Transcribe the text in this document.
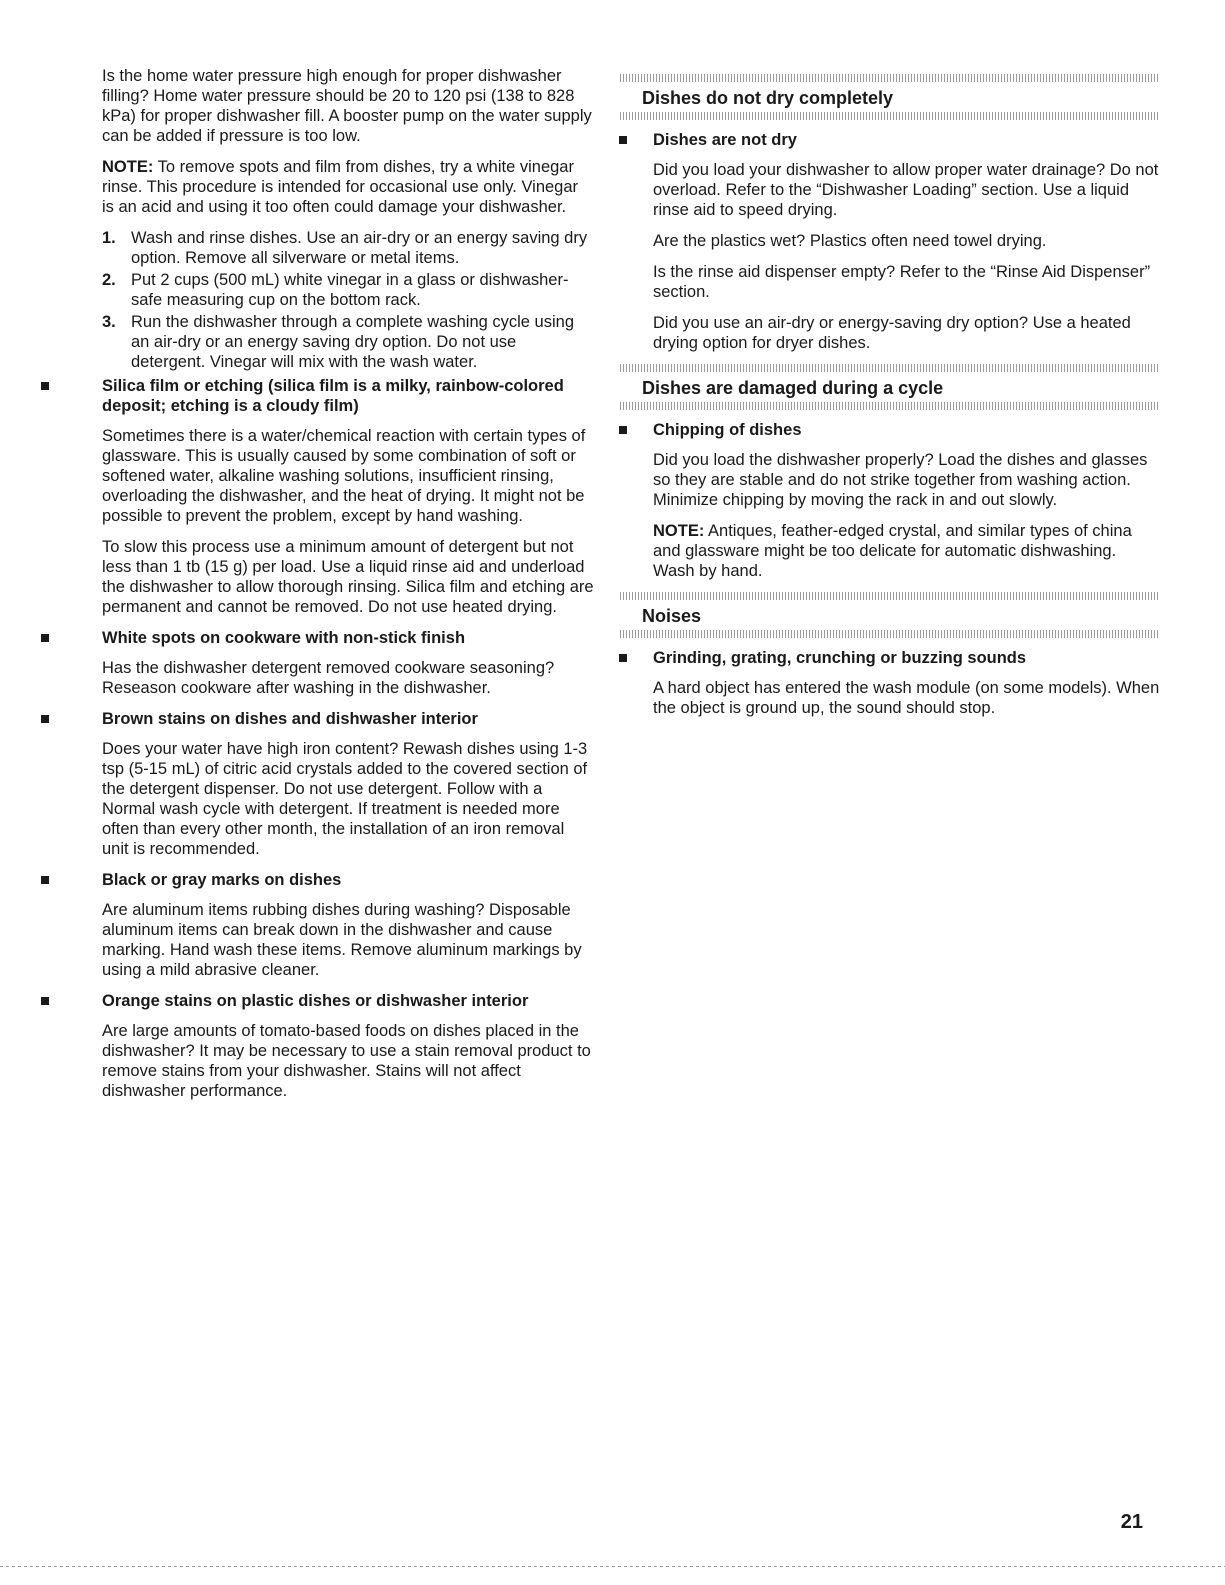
Is the home water pressure high enough for proper dishwasher filling? Home water pressure should be 20 to 120 psi (138 to 828 kPa) for proper dishwasher fill. A booster pump on the water supply can be added if pressure is too low.

NOTE: To remove spots and film from dishes, try a white vinegar rinse. This procedure is intended for occasional use only. Vinegar is an acid and using it too often could damage your dishwasher.

1. Wash and rinse dishes. Use an air-dry or an energy saving dry option. Remove all silverware or metal items.
2. Put 2 cups (500 mL) white vinegar in a glass or dishwasher-safe measuring cup on the bottom rack.
3. Run the dishwasher through a complete washing cycle using an air-dry or an energy saving dry option. Do not use detergent. Vinegar will mix with the wash water.
Silica film or etching (silica film is a milky, rainbow-colored deposit; etching is a cloudy film)

Sometimes there is a water/chemical reaction with certain types of glassware. This is usually caused by some combination of soft or softened water, alkaline washing solutions, insufficient rinsing, overloading the dishwasher, and the heat of drying. It might not be possible to prevent the problem, except by hand washing.

To slow this process use a minimum amount of detergent but not less than 1 tb (15 g) per load. Use a liquid rinse aid and underload the dishwasher to allow thorough rinsing. Silica film and etching are permanent and cannot be removed. Do not use heated drying.

White spots on cookware with non-stick finish

Has the dishwasher detergent removed cookware seasoning? Reseason cookware after washing in the dishwasher.

Brown stains on dishes and dishwasher interior

Does your water have high iron content? Rewash dishes using 1-3 tsp (5-15 mL) of citric acid crystals added to the covered section of the detergent dispenser. Do not use detergent. Follow with a Normal wash cycle with detergent. If treatment is needed more often than every other month, the installation of an iron removal unit is recommended.

Black or gray marks on dishes

Are aluminum items rubbing dishes during washing? Disposable aluminum items can break down in the dishwasher and cause marking. Hand wash these items. Remove aluminum markings by using a mild abrasive cleaner.

Orange stains on plastic dishes or dishwasher interior

Are large amounts of tomato-based foods on dishes placed in the dishwasher? It may be necessary to use a stain removal product to remove stains from your dishwasher. Stains will not affect dishwasher performance.

Dishes do not dry completely
Dishes are not dry

Did you load your dishwasher to allow proper water drainage? Do not overload. Refer to the “Dishwasher Loading” section. Use a liquid rinse aid to speed drying.

Are the plastics wet? Plastics often need towel drying.

Is the rinse aid dispenser empty? Refer to the “Rinse Aid Dispenser” section.

Did you use an air-dry or energy-saving dry option? Use a heated drying option for dryer dishes.

Dishes are damaged during a cycle
Chipping of dishes

Did you load the dishwasher properly? Load the dishes and glasses so they are stable and do not strike together from washing action. Minimize chipping by moving the rack in and out slowly.

NOTE: Antiques, feather-edged crystal, and similar types of china and glassware might be too delicate for automatic dishwashing. Wash by hand.

Noises
Grinding, grating, crunching or buzzing sounds

A hard object has entered the wash module (on some models). When the object is ground up, the sound should stop.

21
